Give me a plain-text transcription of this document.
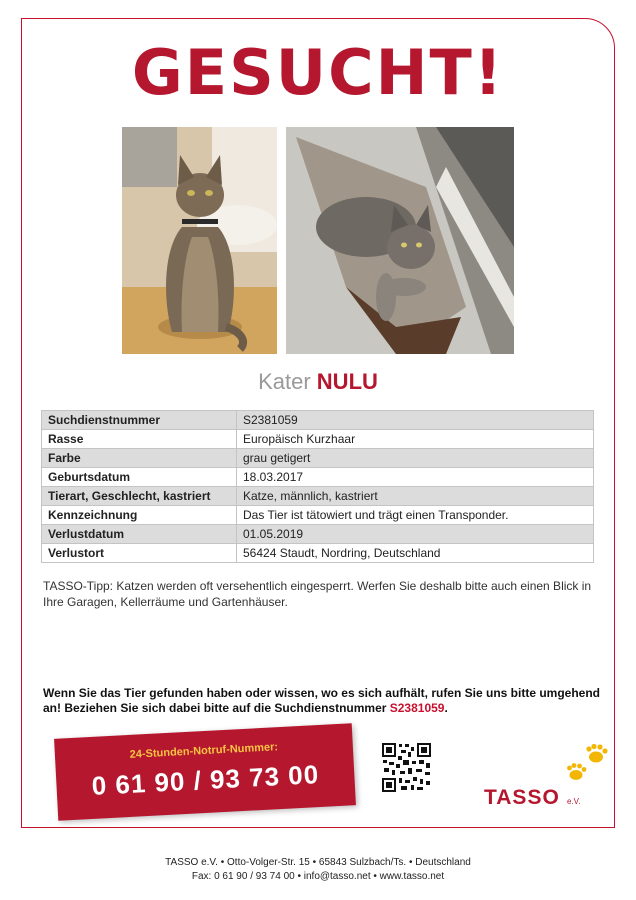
GESUCHT!
Kater NULU
Suchdienstnummer	S2381059
Rasse	Europäisch Kurzhaar
Farbe	grau getigert
Geburtsdatum	18.03.2017
Tierart, Geschlecht, kastriert	Katze, männlich, kastriert
Kennzeichnung	Das Tier ist tätowiert und trägt einen Transponder.
Verlustdatum	01.05.2019
Verlustort	56424 Staudt, Nordring, Deutschland
TASSO-Tipp: Katzen werden oft versehentlich eingesperrt. Werfen Sie deshalb bitte auch einen Blick in Ihre Garagen, Kellerräume und Gartenhäuser.
Wenn Sie das Tier gefunden haben oder wissen, wo es sich aufhält, rufen Sie uns bitte umgehend an! Beziehen Sie sich dabei bitte auf die Suchdienstnummer S2381059.
24-Stunden-Notruf-Nummer:
0 61 90 / 93 73 00	TASSO e.V.
TASSO e.V. • Otto-Volger-Str. 15 • 65843 Sulzbach/Ts. • Deutschland
Fax: 0 61 90 / 93 74 00 • info@tasso.net • www.tasso.net
